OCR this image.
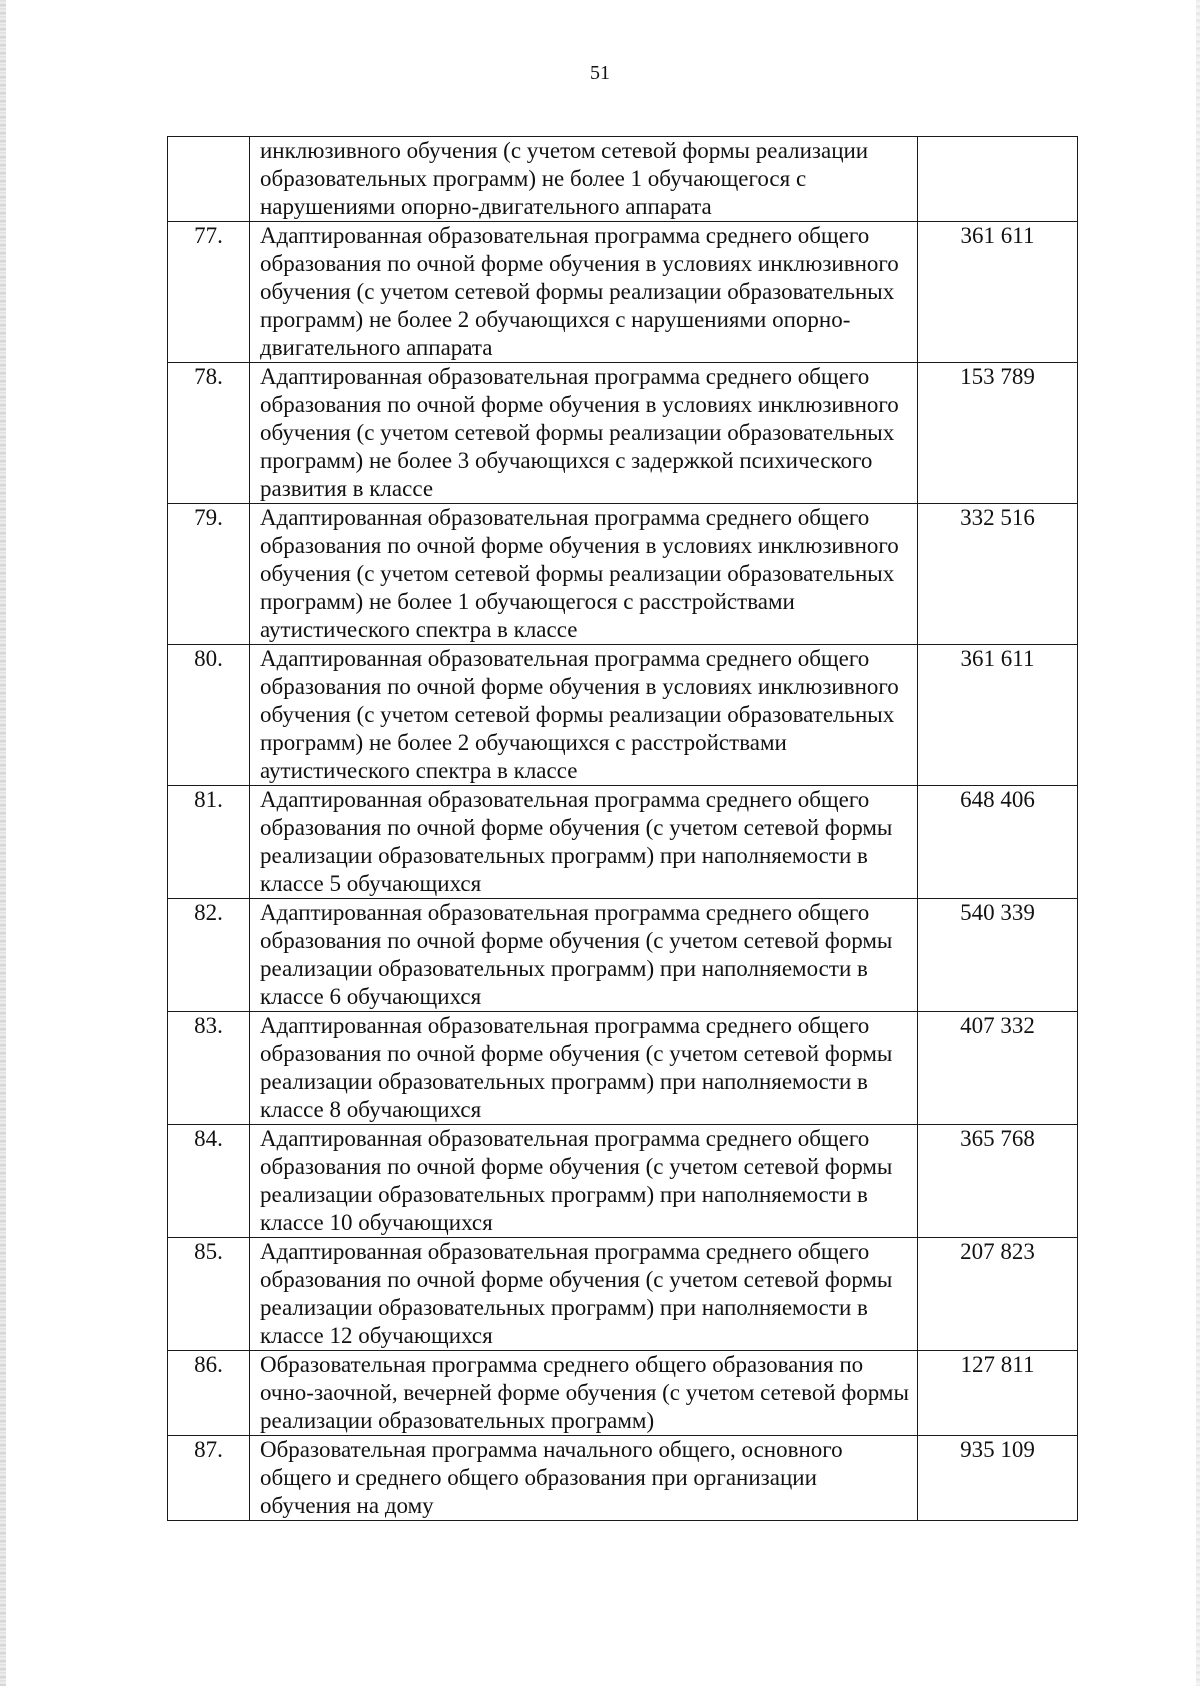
51
	инклюзивного обучения (с учетом сетевой формы реализации образовательных программ) не более 1 обучающегося с нарушениями опорно-двигательного аппарата	
77.	Адаптированная образовательная программа среднего общего образования по очной форме обучения в условиях инклюзивного обучения (с учетом сетевой формы реализации образовательных программ) не более 2 обучающихся с нарушениями опорно-двигательного аппарата	361 611
78.	Адаптированная образовательная программа среднего общего образования по очной форме обучения в условиях инклюзивного обучения (с учетом сетевой формы реализации образовательных программ) не более 3 обучающихся с задержкой психического развития в классе	153 789
79.	Адаптированная образовательная программа среднего общего образования по очной форме обучения в условиях инклюзивного обучения (с учетом сетевой формы реализации образовательных программ) не более 1 обучающегося с расстройствами аутистического спектра в классе	332 516
80.	Адаптированная образовательная программа среднего общего образования по очной форме обучения в условиях инклюзивного обучения (с учетом сетевой формы реализации образовательных программ) не более 2 обучающихся с расстройствами аутистического спектра в классе	361 611
81.	Адаптированная образовательная программа среднего общего образования по очной форме обучения (с учетом сетевой формы реализации образовательных программ) при наполняемости в классе 5 обучающихся	648 406
82.	Адаптированная образовательная программа среднего общего образования по очной форме обучения (с учетом сетевой формы реализации образовательных программ) при наполняемости в классе 6 обучающихся	540 339
83.	Адаптированная образовательная программа среднего общего образования по очной форме обучения (с учетом сетевой формы реализации образовательных программ) при наполняемости в классе 8 обучающихся	407 332
84.	Адаптированная образовательная программа среднего общего образования по очной форме обучения (с учетом сетевой формы реализации образовательных программ) при наполняемости в классе 10 обучающихся	365 768
85.	Адаптированная образовательная программа среднего общего образования по очной форме обучения (с учетом сетевой формы реализации образовательных программ) при наполняемости в классе 12 обучающихся	207 823
86.	Образовательная программа среднего общего образования по очно-заочной, вечерней форме обучения (с учетом сетевой формы реализации образовательных программ)	127 811
87.	Образовательная программа начального общего, основного общего и среднего общего образования при организации обучения на дому	935 109
